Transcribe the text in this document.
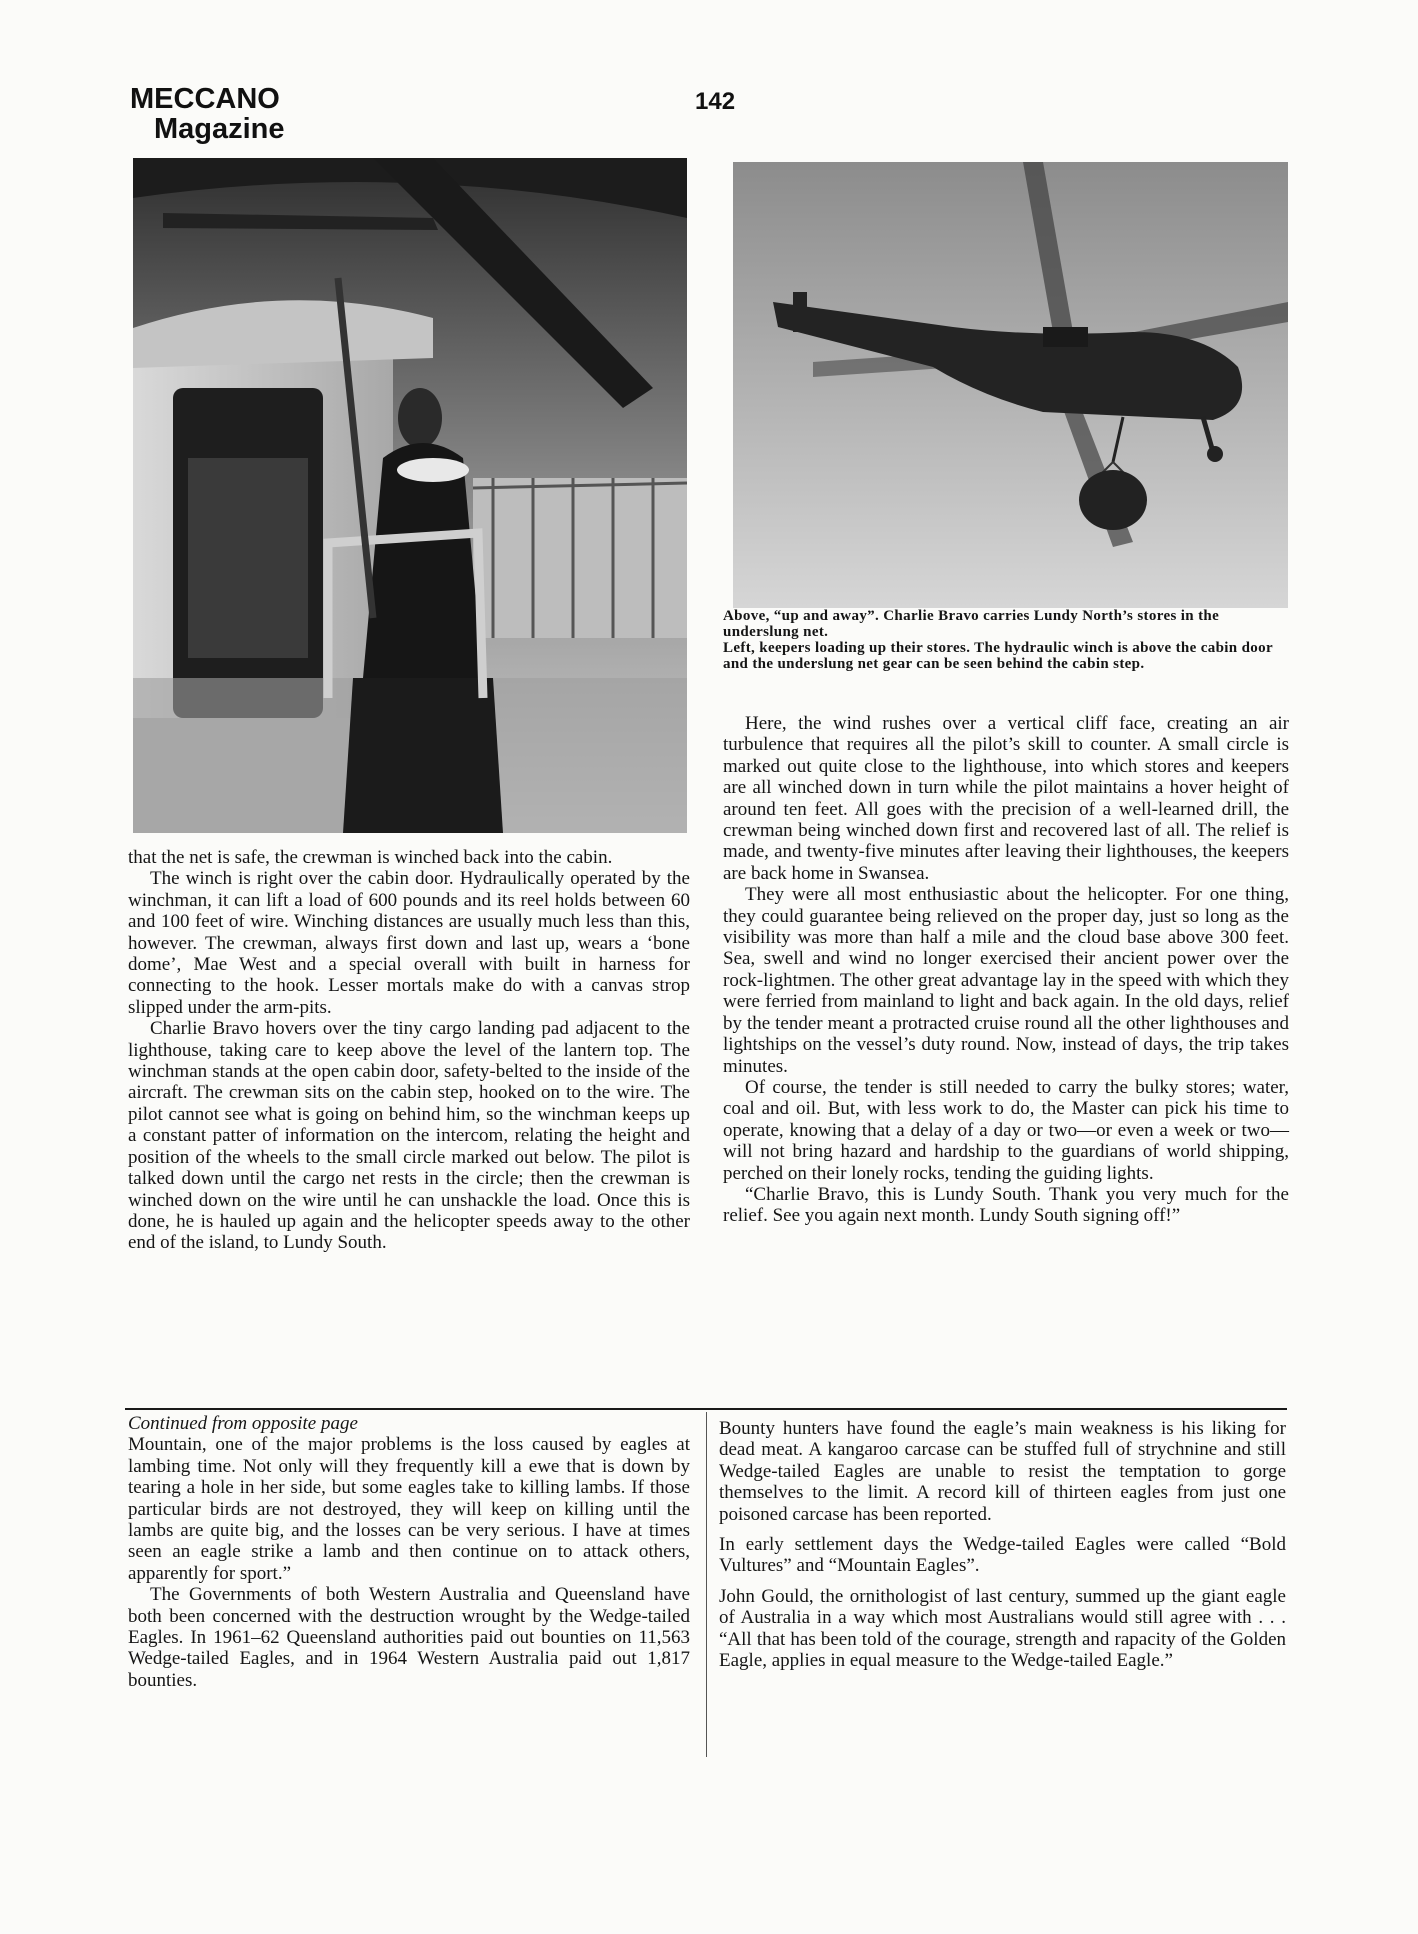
MECCANO
Magazine
142

Above, “up and away”. Charlie Bravo carries Lundy North’s stores in the underslung net.

Left, keepers loading up their stores. The hydraulic winch is above the cabin door and the underslung net gear can be seen behind the cabin step.

that the net is safe, the crewman is winched back into the cabin.

The winch is right over the cabin door. Hydraulically operated by the winchman, it can lift a load of 600 pounds and its reel holds between 60 and 100 feet of wire. Winching distances are usually much less than this, however. The crewman, always first down and last up, wears a ‘bone dome’, Mae West and a special overall with built in harness for connecting to the hook. Lesser mortals make do with a canvas strop slipped under the arm-pits.

Charlie Bravo hovers over the tiny cargo landing pad adjacent to the lighthouse, taking care to keep above the level of the lantern top. The winchman stands at the open cabin door, safety-belted to the inside of the aircraft. The crewman sits on the cabin step, hooked on to the wire. The pilot cannot see what is going on behind him, so the winchman keeps up a constant patter of information on the intercom, relating the height and position of the wheels to the small circle marked out below. The pilot is talked down until the cargo net rests in the circle; then the crewman is winched down on the wire until he can unshackle the load. Once this is done, he is hauled up again and the helicopter speeds away to the other end of the island, to Lundy South.

Here, the wind rushes over a vertical cliff face, creating an air turbulence that requires all the pilot’s skill to counter. A small circle is marked out quite close to the lighthouse, into which stores and keepers are all winched down in turn while the pilot maintains a hover height of around ten feet. All goes with the precision of a well-learned drill, the crewman being winched down first and recovered last of all. The relief is made, and twenty-five minutes after leaving their lighthouses, the keepers are back home in Swansea.

They were all most enthusiastic about the helicopter. For one thing, they could guarantee being relieved on the proper day, just so long as the visibility was more than half a mile and the cloud base above 300 feet. Sea, swell and wind no longer exercised their ancient power over the rock-lightmen. The other great advantage lay in the speed with which they were ferried from mainland to light and back again. In the old days, relief by the tender meant a protracted cruise round all the other lighthouses and lightships on the vessel’s duty round. Now, instead of days, the trip takes minutes.

Of course, the tender is still needed to carry the bulky stores; water, coal and oil. But, with less work to do, the Master can pick his time to operate, knowing that a delay of a day or two—or even a week or two—will not bring hazard and hardship to the guardians of world shipping, perched on their lonely rocks, tending the guiding lights.

“Charlie Bravo, this is Lundy South. Thank you very much for the relief. See you again next month. Lundy South signing off!”

Continued from opposite page

Mountain, one of the major problems is the loss caused by eagles at lambing time. Not only will they frequently kill a ewe that is down by tearing a hole in her side, but some eagles take to killing lambs. If those particular birds are not destroyed, they will keep on killing until the lambs are quite big, and the losses can be very serious. I have at times seen an eagle strike a lamb and then continue on to attack others, apparently for sport.”

The Governments of both Western Australia and Queensland have both been concerned with the destruction wrought by the Wedge-tailed Eagles. In 1961–62 Queensland authorities paid out bounties on 11,563 Wedge-tailed Eagles, and in 1964 Western Australia paid out 1,817 bounties.

Bounty hunters have found the eagle’s main weakness is his liking for dead meat. A kangaroo carcase can be stuffed full of strychnine and still Wedge-tailed Eagles are unable to resist the temptation to gorge themselves to the limit. A record kill of thirteen eagles from just one poisoned carcase has been reported.

In early settlement days the Wedge-tailed Eagles were called “Bold Vultures” and “Mountain Eagles”.

John Gould, the ornithologist of last century, summed up the giant eagle of Australia in a way which most Australians would still agree with . . . “All that has been told of the courage, strength and rapacity of the Golden Eagle, applies in equal measure to the Wedge-tailed Eagle.”
